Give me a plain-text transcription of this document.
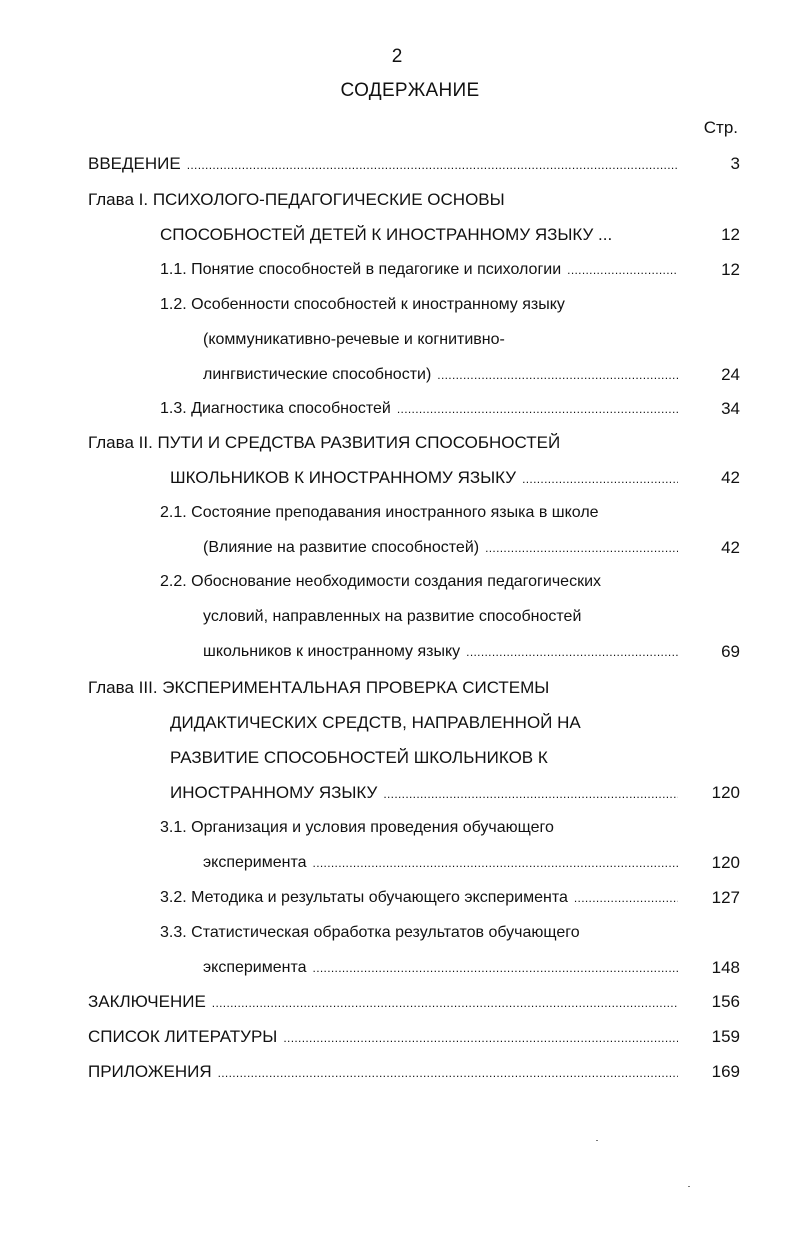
2
СОДЕРЖАНИЕ
Стр.
ВВЕДЕНИЕ . . .	3
Глава I. ПСИХОЛОГО-ПЕДАГОГИЧЕСКИЕ ОСНОВЫ
СПОСОБНОСТЕЙ ДЕТЕЙ К ИНОСТРАННОМУ ЯЗЫКУ ...	12
1.1. Понятие способностей в педагогике и психологии . . .	12
1.2. Особенности способностей к иностранному языку
(коммуникативно-речевые и когнитивно-
лингвистические способности) . . .	24
1.3. Диагностика способностей . . .	34
Глава II. ПУТИ И СРЕДСТВА РАЗВИТИЯ СПОСОБНОСТЕЙ
ШКОЛЬНИКОВ К ИНОСТРАННОМУ ЯЗЫКУ . . .	42
2.1. Состояние преподавания иностранного языка в школе
(Влияние на развитие способностей) . . .	42
2.2. Обоснование необходимости создания педагогических
условий, направленных на развитие способностей
школьников к иностранному языку . . .	69
Глава III. ЭКСПЕРИМЕНТАЛЬНАЯ ПРОВЕРКА СИСТЕМЫ
ДИДАКТИЧЕСКИХ СРЕДСТВ, НАПРАВЛЕННОЙ НА
РАЗВИТИЕ СПОСОБНОСТЕЙ ШКОЛЬНИКОВ К
ИНОСТРАННОМУ ЯЗЫКУ . . .	120
3.1. Организация и условия проведения обучающего
эксперимента . . .	120
3.2. Методика и результаты обучающего эксперимента . . .	127
3.3. Статистическая обработка результатов обучающего
эксперимента . . .	148
ЗАКЛЮЧЕНИЕ . . .	156
СПИСОК ЛИТЕРАТУРЫ . . .	159
ПРИЛОЖЕНИЯ . . .	169
